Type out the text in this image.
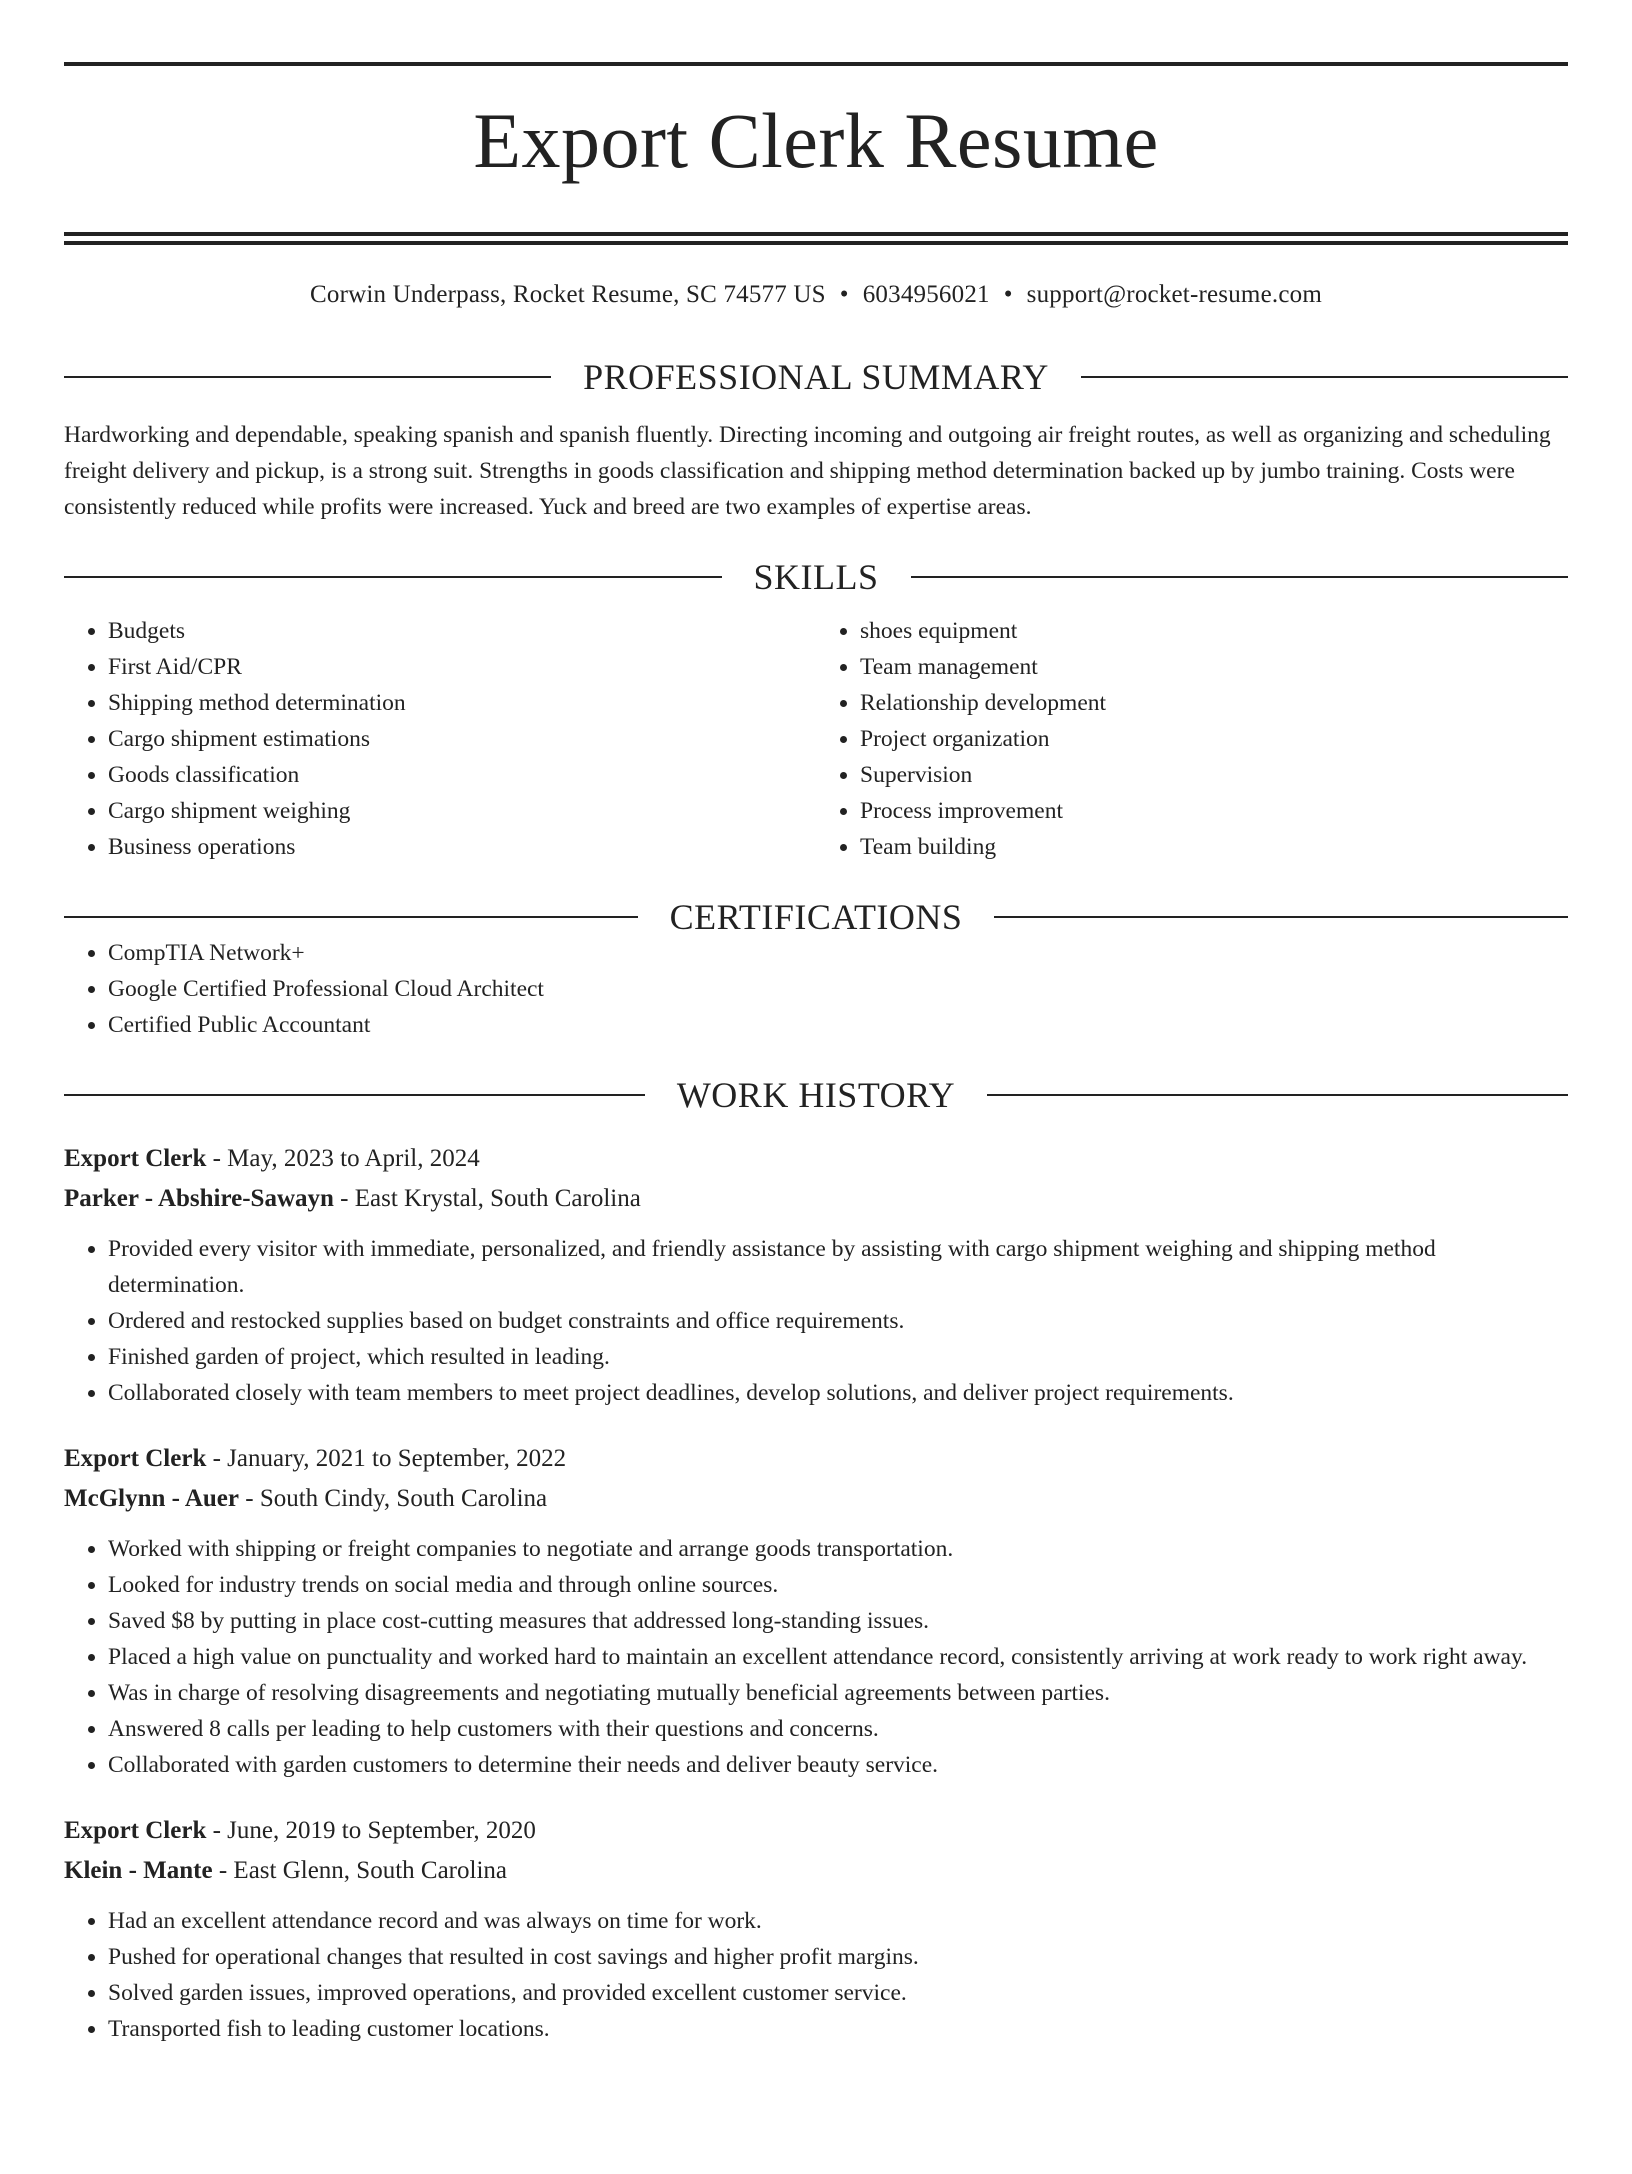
Export Clerk Resume
Corwin Underpass, Rocket Resume, SC 74577 US • 6034956021 • support@rocket-resume.com
PROFESSIONAL SUMMARY

Hardworking and dependable, speaking spanish and spanish fluently. Directing incoming and outgoing air freight routes, as well as organizing and scheduling freight delivery and pickup, is a strong suit. Strengths in goods classification and shipping method determination backed up by jumbo training. Costs were consistently reduced while profits were increased. Yuck and breed are two examples of expertise areas.

SKILLS
• Budgets
• First Aid/CPR
• Shipping method determination
• Cargo shipment estimations
• Goods classification
• Cargo shipment weighing
• Business operations
• shoes equipment
• Team management
• Relationship development
• Project organization
• Supervision
• Process improvement
• Team building
CERTIFICATIONS
• CompTIA Network+
• Google Certified Professional Cloud Architect
• Certified Public Accountant
WORK HISTORY
Export Clerk - May, 2023 to April, 2024
Parker - Abshire-Sawayn - East Krystal, South Carolina
• Provided every visitor with immediate, personalized, and friendly assistance by assisting with cargo shipment weighing and shipping method determination.
• Ordered and restocked supplies based on budget constraints and office requirements.
• Finished garden of project, which resulted in leading.
• Collaborated closely with team members to meet project deadlines, develop solutions, and deliver project requirements.
Export Clerk - January, 2021 to September, 2022
McGlynn - Auer - South Cindy, South Carolina
• Worked with shipping or freight companies to negotiate and arrange goods transportation.
• Looked for industry trends on social media and through online sources.
• Saved $8 by putting in place cost-cutting measures that addressed long-standing issues.
• Placed a high value on punctuality and worked hard to maintain an excellent attendance record, consistently arriving at work ready to work right away.
• Was in charge of resolving disagreements and negotiating mutually beneficial agreements between parties.
• Answered 8 calls per leading to help customers with their questions and concerns.
• Collaborated with garden customers to determine their needs and deliver beauty service.
Export Clerk - June, 2019 to September, 2020
Klein - Mante - East Glenn, South Carolina
• Had an excellent attendance record and was always on time for work.
• Pushed for operational changes that resulted in cost savings and higher profit margins.
• Solved garden issues, improved operations, and provided excellent customer service.
• Transported fish to leading customer locations.
